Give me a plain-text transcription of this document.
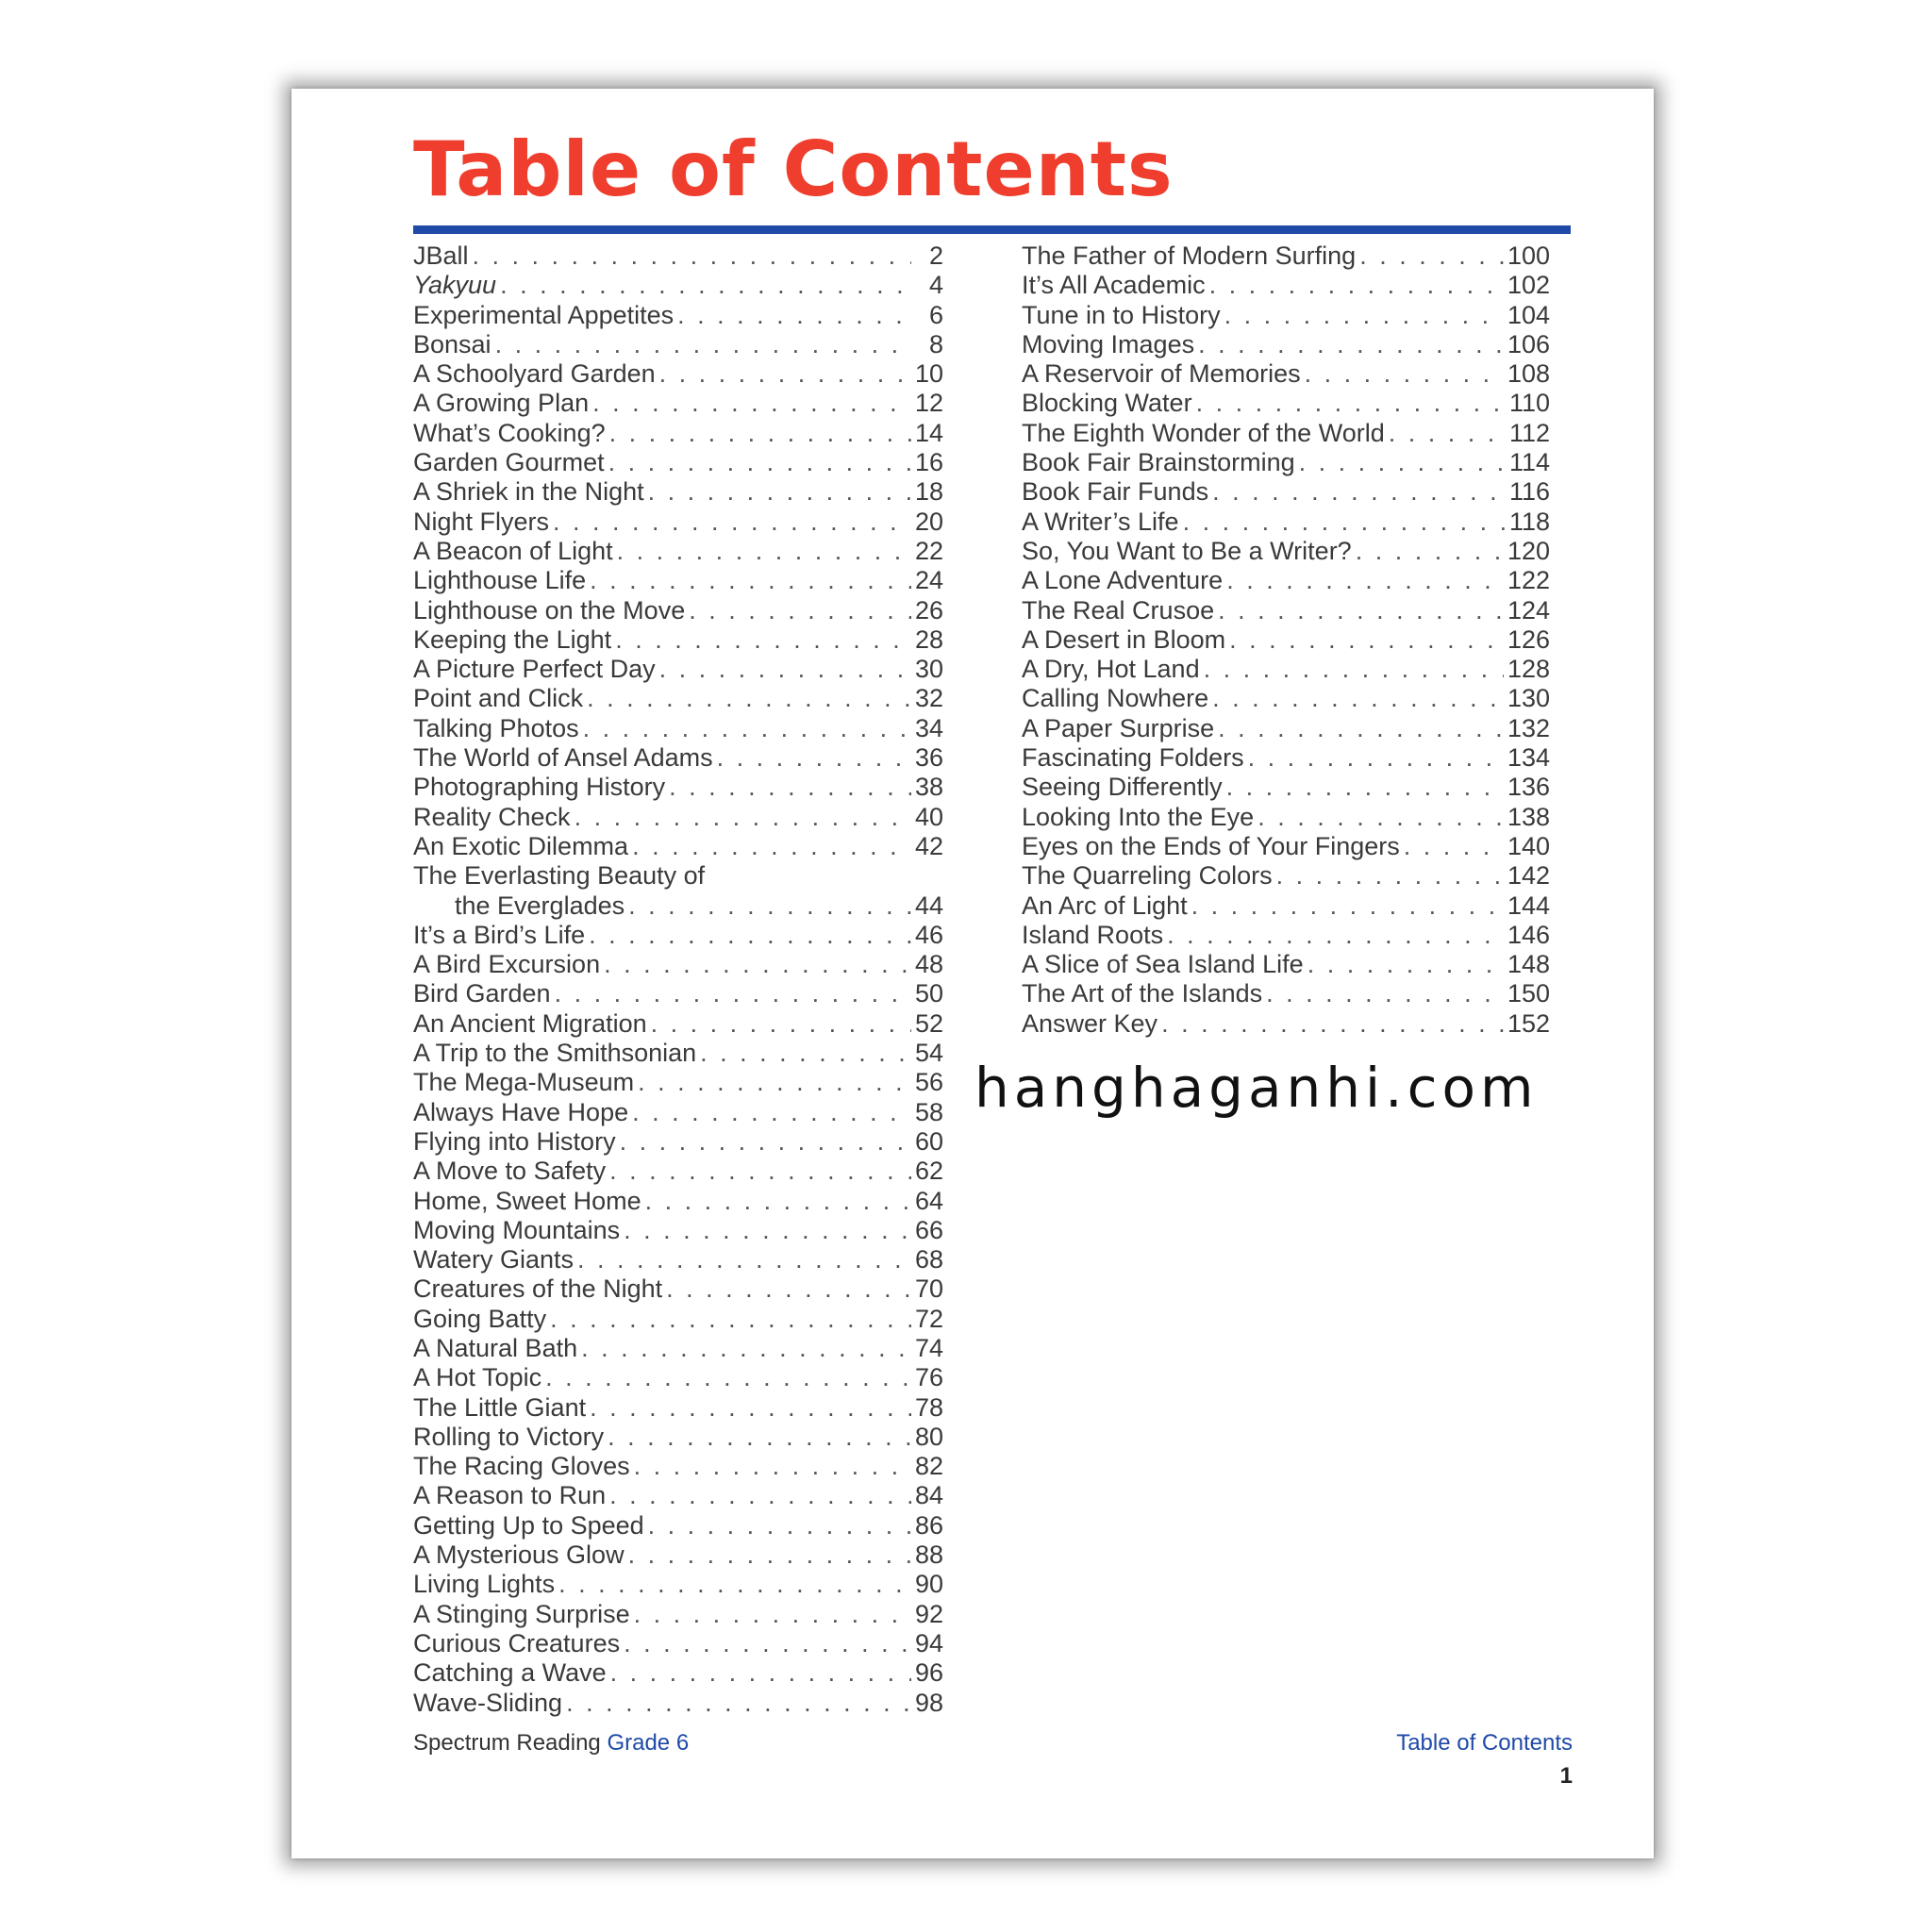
Table of Contents
JBall . . .	2
Yakyuu . . .	4
Experimental Appetites . . .	6
Bonsai . . .	8
A Schoolyard Garden . . .	10
A Growing Plan . . .	12
What’s Cooking? . . .	14
Garden Gourmet . . .	16
A Shriek in the Night . . .	18
Night Flyers . . .	20
A Beacon of Light . . .	22
Lighthouse Life . . .	24
Lighthouse on the Move . . .	26
Keeping the Light . . .	28
A Picture Perfect Day . . .	30
Point and Click . . .	32
Talking Photos . . .	34
The World of Ansel Adams . . .	36
Photographing History . . .	38
Reality Check . . .	40
An Exotic Dilemma . . .	42
The Everlasting Beauty of
the Everglades . . .	44
It’s a Bird’s Life . . .	46
A Bird Excursion . . .	48
Bird Garden . . .	50
An Ancient Migration . . .	52
A Trip to the Smithsonian . . .	54
The Mega-Museum . . .	56
Always Have Hope . . .	58
Flying into History . . .	60
A Move to Safety . . .	62
Home, Sweet Home . . .	64
Moving Mountains . . .	66
Watery Giants . . .	68
Creatures of the Night . . .	70
Going Batty . . .	72
A Natural Bath . . .	74
A Hot Topic . . .	76
The Little Giant . . .	78
Rolling to Victory . . .	80
The Racing Gloves . . .	82
A Reason to Run . . .	84
Getting Up to Speed . . .	86
A Mysterious Glow . . .	88
Living Lights . . .	90
A Stinging Surprise . . .	92
Curious Creatures . . .	94
Catching a Wave . . .	96
Wave-Sliding . . .	98
The Father of Modern Surfing . . .	100
It’s All Academic . . .	102
Tune in to History . . .	104
Moving Images . . .	106
A Reservoir of Memories . . .	108
Blocking Water . . .	110
The Eighth Wonder of the World . . .	112
Book Fair Brainstorming . . .	114
Book Fair Funds . . .	116
A Writer’s Life . . .	118
So, You Want to Be a Writer? . . .	120
A Lone Adventure . . .	122
The Real Crusoe . . .	124
A Desert in Bloom . . .	126
A Dry, Hot Land . . .	128
Calling Nowhere . . .	130
A Paper Surprise . . .	132
Fascinating Folders . . .	134
Seeing Differently . . .	136
Looking Into the Eye . . .	138
Eyes on the Ends of Your Fingers . . .	140
The Quarreling Colors . . .	142
An Arc of Light . . .	144
Island Roots . . .	146
A Slice of Sea Island Life . . .	148
The Art of the Islands . . .	150
Answer Key . . .	152
hanghaganhi.com
Spectrum Reading Grade 6	Table of Contents
1
